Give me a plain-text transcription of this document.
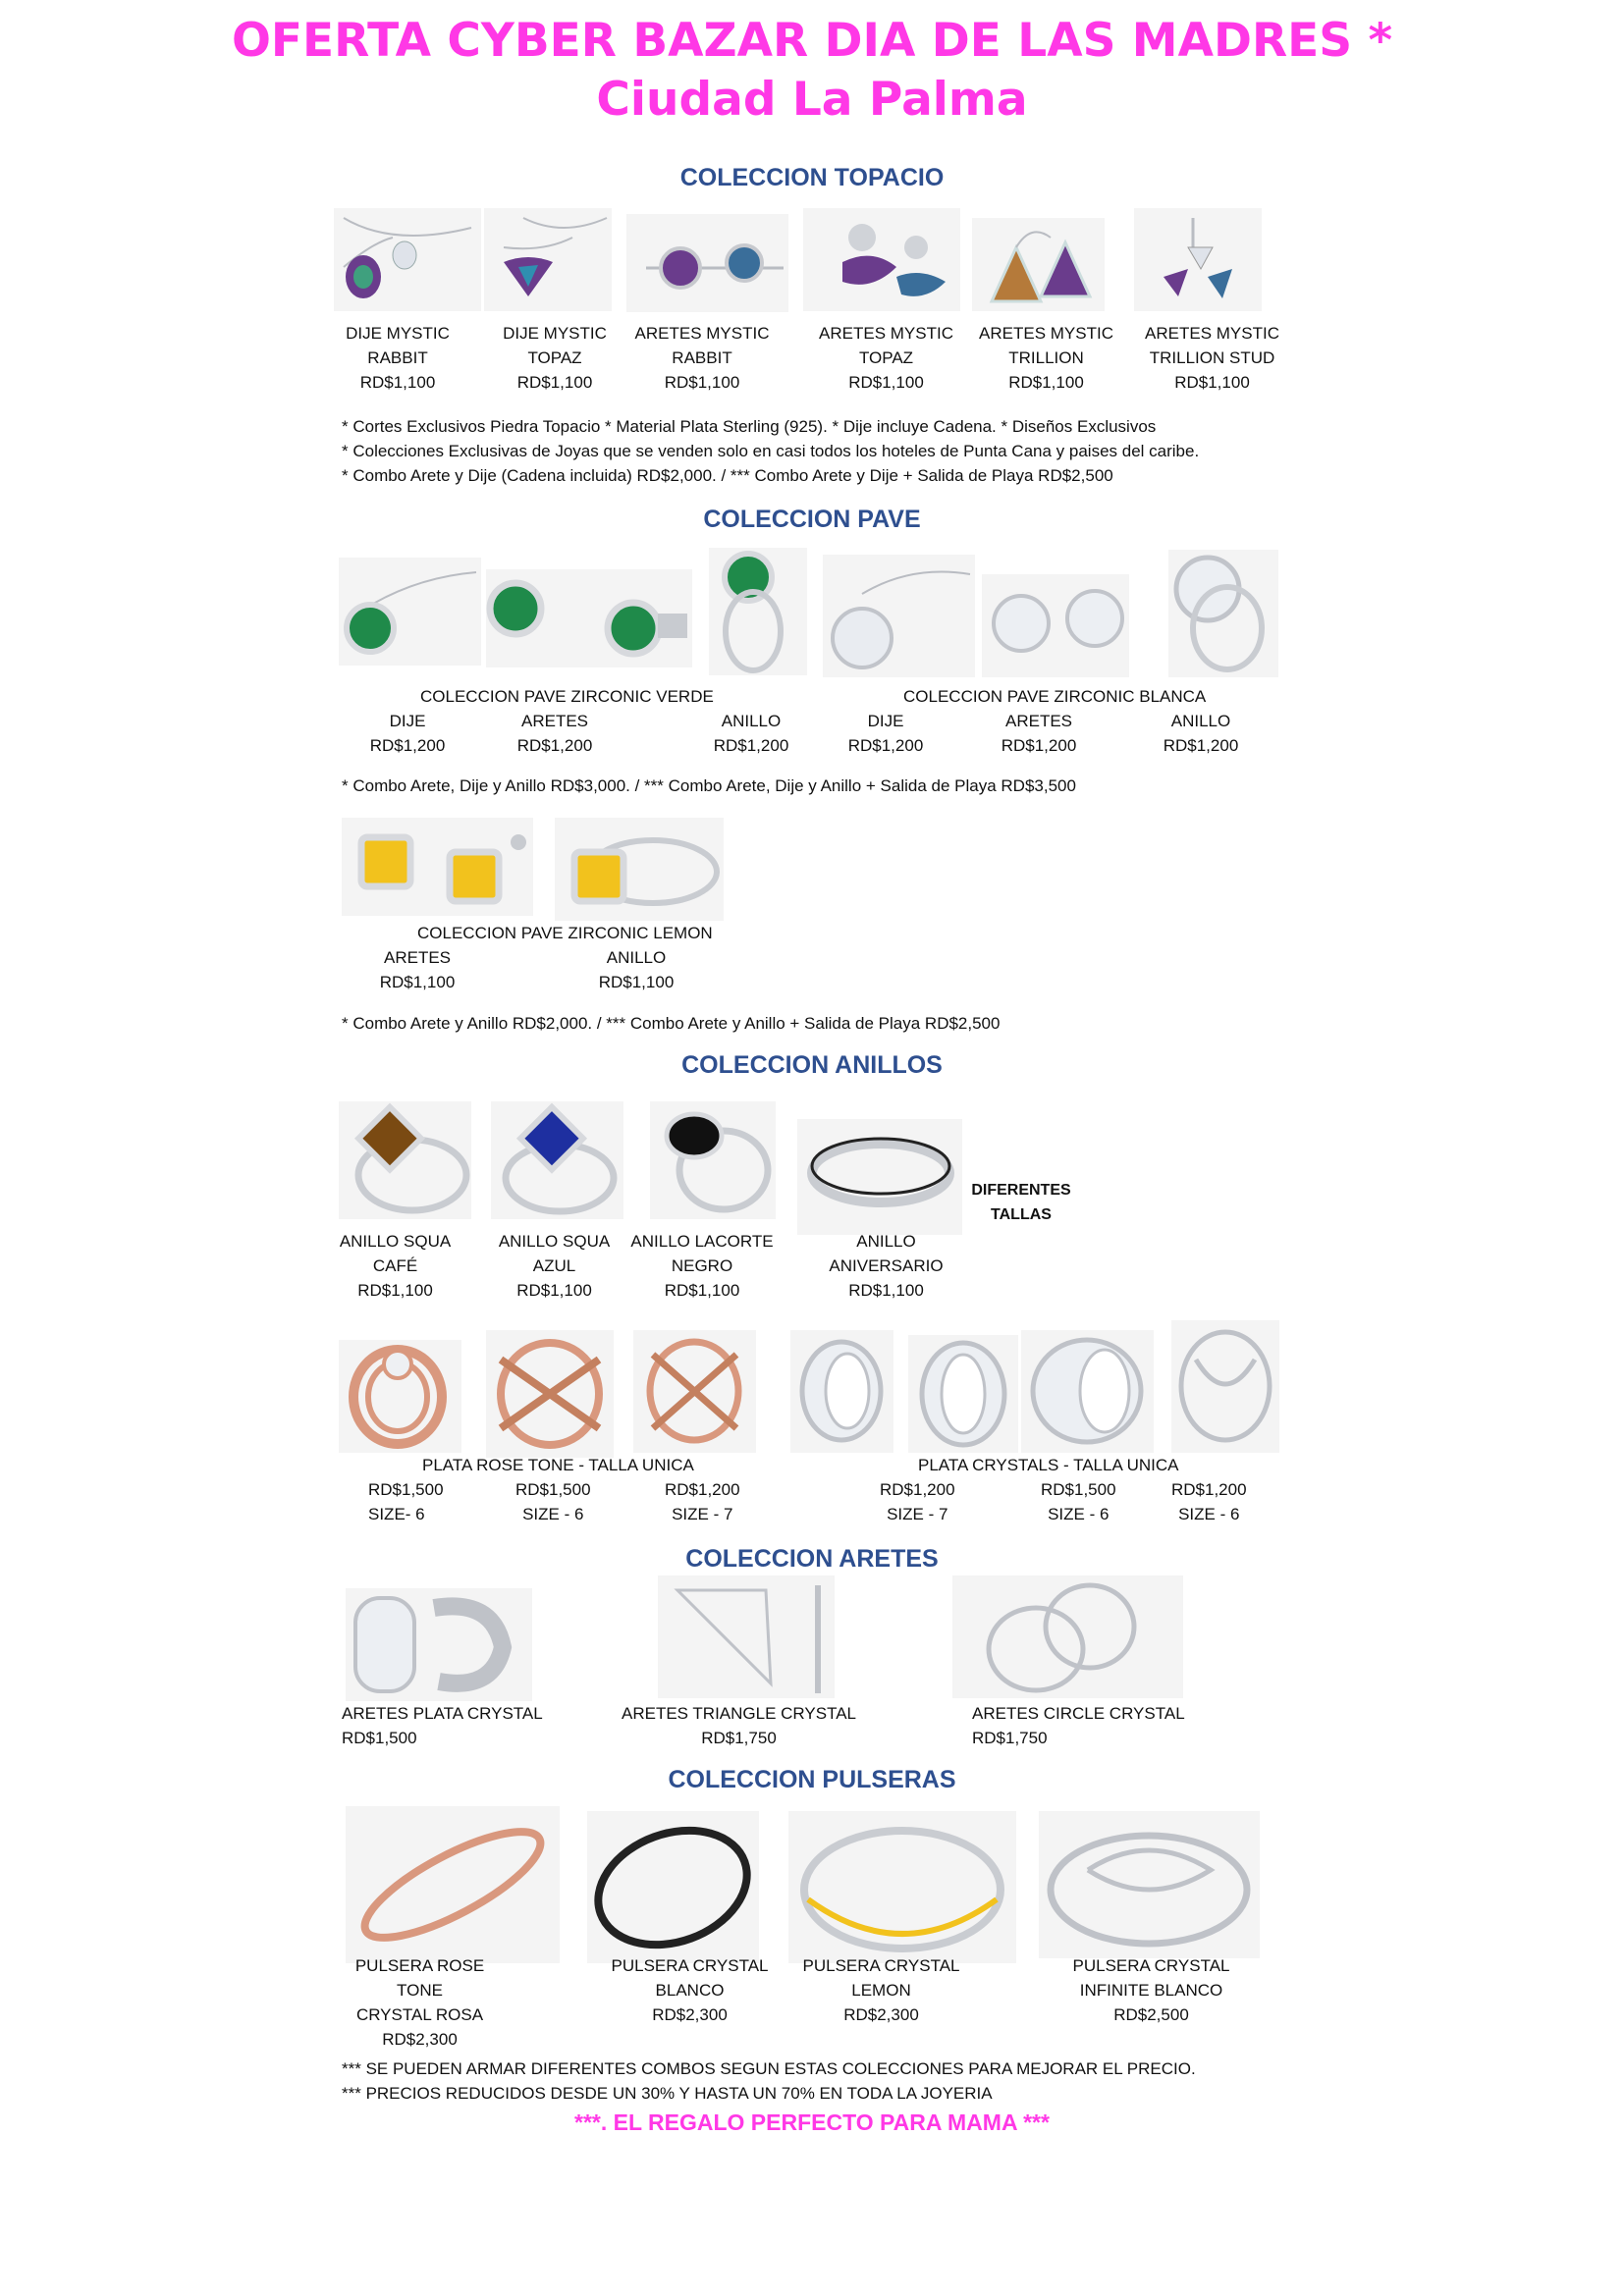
OFERTA CYBER BAZAR DIA DE LAS MADRES *
Ciudad La Palma
COLECCION TOPACIO
DIJE MYSTIC
RABBIT
RD$1,100
DIJE MYSTIC
TOPAZ
RD$1,100
ARETES MYSTIC
RABBIT
RD$1,100
ARETES MYSTIC
TOPAZ
RD$1,100
ARETES MYSTIC
TRILLION
RD$1,100
ARETES MYSTIC
TRILLION STUD
RD$1,100
* Cortes Exclusivos Piedra Topacio * Material Plata Sterling (925). * Dije incluye Cadena. * Diseños Exclusivos
* Colecciones Exclusivas de Joyas que se venden solo en casi todos los hoteles de Punta Cana y paises del caribe.
* Combo Arete y Dije (Cadena incluida) RD$2,000. / *** Combo Arete y Dije + Salida de Playa RD$2,500
COLECCION PAVE
COLECCION PAVE ZIRCONIC VERDE	COLECCION PAVE ZIRCONIC BLANCA
DIJE
RD$1,200
ARETES
RD$1,200
ANILLO
RD$1,200
DIJE
RD$1,200
ARETES
RD$1,200
ANILLO
RD$1,200
* Combo Arete, Dije y Anillo RD$3,000. / *** Combo Arete, Dije y Anillo + Salida de Playa RD$3,500
COLECCION PAVE ZIRCONIC LEMON
ARETES
RD$1,100
ANILLO
RD$1,100
* Combo Arete y Anillo RD$2,000. / *** Combo Arete y Anillo + Salida de Playa RD$2,500
COLECCION ANILLOS
DIFERENTES
TALLAS
ANILLO SQUA
CAFÉ
RD$1,100
ANILLO SQUA
AZUL
RD$1,100
ANILLO LACORTE
NEGRO
RD$1,100
ANILLO
ANIVERSARIO
RD$1,100
PLATA ROSE TONE - TALLA UNICA	PLATA CRYSTALS - TALLA UNICA
RD$1,500
SIZE- 6
RD$1,500
SIZE - 6
RD$1,200
SIZE - 7
RD$1,200
SIZE - 7
RD$1,500
SIZE - 6
RD$1,200
SIZE - 6
COLECCION ARETES
ARETES PLATA CRYSTAL
RD$1,500
ARETES TRIANGLE CRYSTAL
RD$1,750
ARETES CIRCLE CRYSTAL
RD$1,750
COLECCION PULSERAS
PULSERA ROSE TONE
CRYSTAL ROSA
RD$2,300
PULSERA CRYSTAL
BLANCO
RD$2,300
PULSERA CRYSTAL
LEMON
RD$2,300
PULSERA CRYSTAL
INFINITE BLANCO
RD$2,500
*** SE PUEDEN ARMAR DIFERENTES COMBOS SEGUN ESTAS COLECCIONES PARA MEJORAR EL PRECIO.
*** PRECIOS REDUCIDOS DESDE UN 30% Y HASTA UN 70% EN TODA LA JOYERIA
***. EL REGALO PERFECTO PARA MAMA ***
